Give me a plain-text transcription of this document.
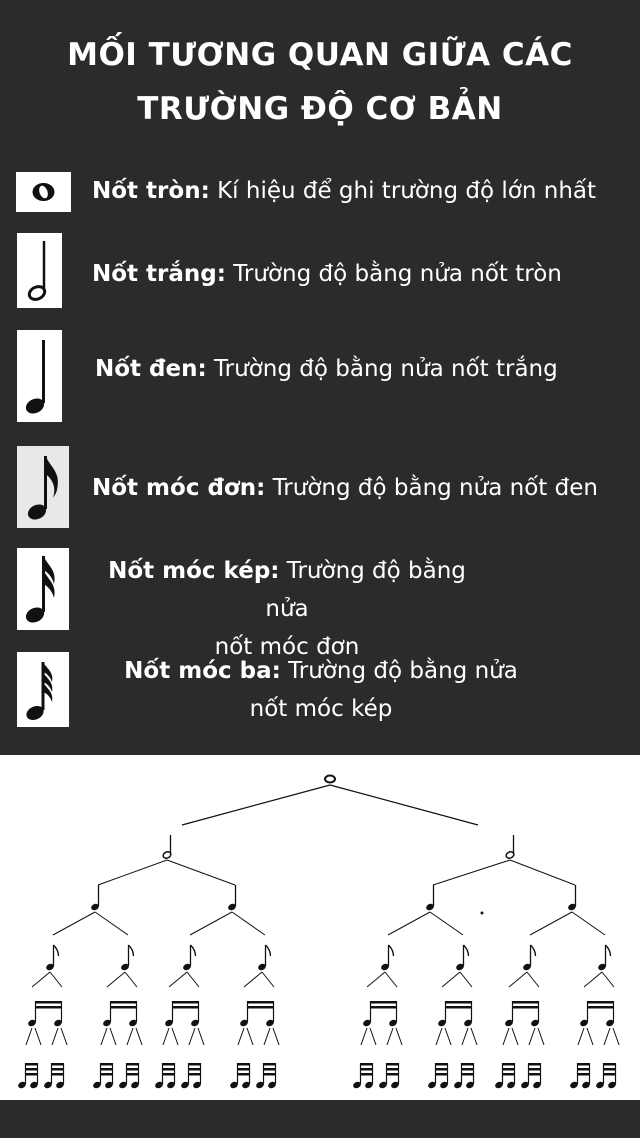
MỐI TƯƠNG QUAN GIỮA CÁC
TRƯỜNG ĐỘ CƠ BẢN
Nốt tròn: Kí hiệu để ghi trường độ lớn nhất
Nốt trắng: Trường độ bằng nửa nốt tròn
Nốt đen: Trường độ bằng nửa nốt trắng
Nốt móc đơn: Trường độ bằng nửa nốt đen
Nốt móc kép: Trường độ bằng nửa
nốt móc đơn
Nốt móc ba: Trường độ bằng nửa
nốt móc kép
